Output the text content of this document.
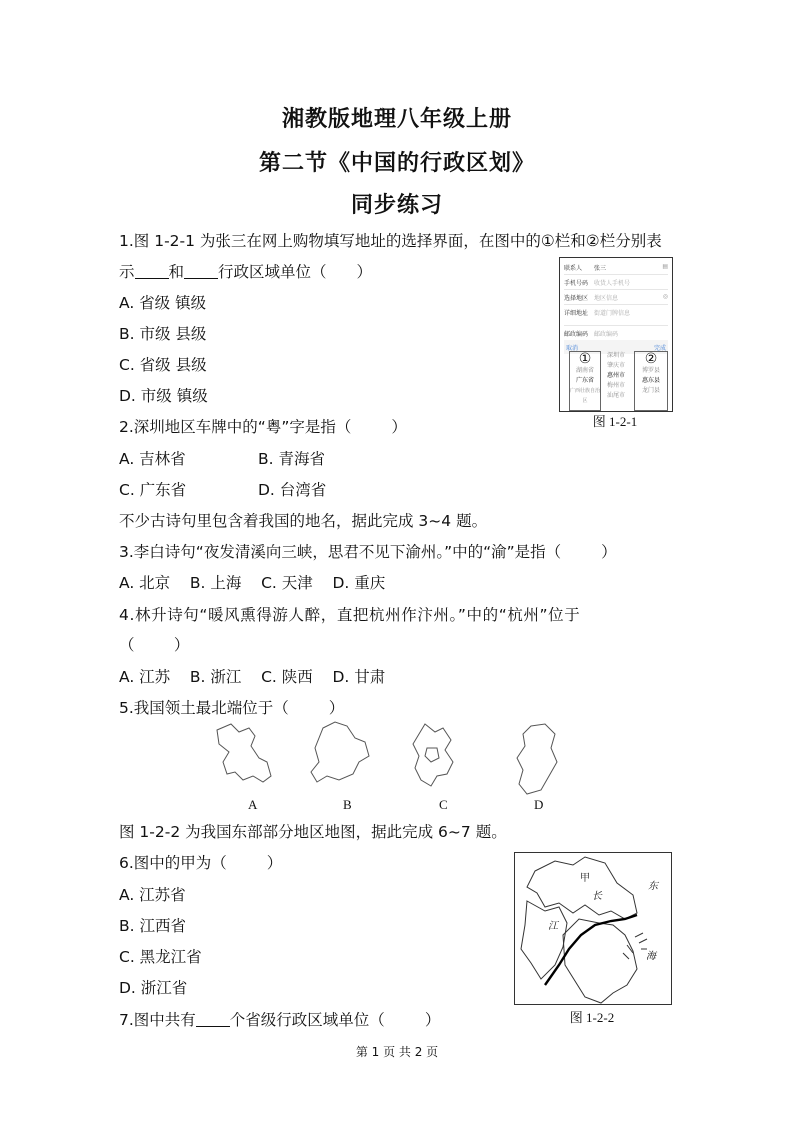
湘教版地理八年级上册
第二节《中国的行政区划》
同步练习
1.图 1-2-1 为张三在网上购物填写地址的选择界面，在图中的①栏和②栏分别表
示 和 行政区域单位（ ）
A. 省级 镇级
B. 市级 县级
C. 省级 县级
D. 市级 镇级
联系人 张三	▤
手机号码 收货人手机号
选择地区 地区信息	◎
详细地址 街道门牌信息
邮政编码 邮政编码
取消	完成
①
湖南省
广东省
广西壮族自治区
深圳市
肇庆市
惠州市
梅州市
汕尾市
②
博罗县
惠东县
龙门县
图 1-2-1
2.深圳地区车牌中的“粤”字是指（	）
A. 吉林省	B. 青海省
C. 广东省	D. 台湾省
不少古诗句里包含着我国的地名，据此完成 3~4 题。
3.李白诗句“夜发清溪向三峡，思君不见下渝州。”中的“渝”是指（	）
A. 北京    B. 上海    C. 天津    D. 重庆
4.林升诗句“暖风熏得游人醉，直把杭州作汴州。”中的“杭州”位于
（        ）
A. 江苏    B. 浙江    C. 陕西    D. 甘肃
5.我国领土最北端位于（	）
A	B	C	D
图 1-2-2 为我国东部部分地区地图，据此完成 6~7 题。
6.图中的甲为（	）
A. 江苏省
B. 江西省
C. 黑龙江省
D. 浙江省
7.图中共有 个省级行政区域单位（	）
甲
长
东
江
海
图 1-2-2
第 1 页 共 2 页
